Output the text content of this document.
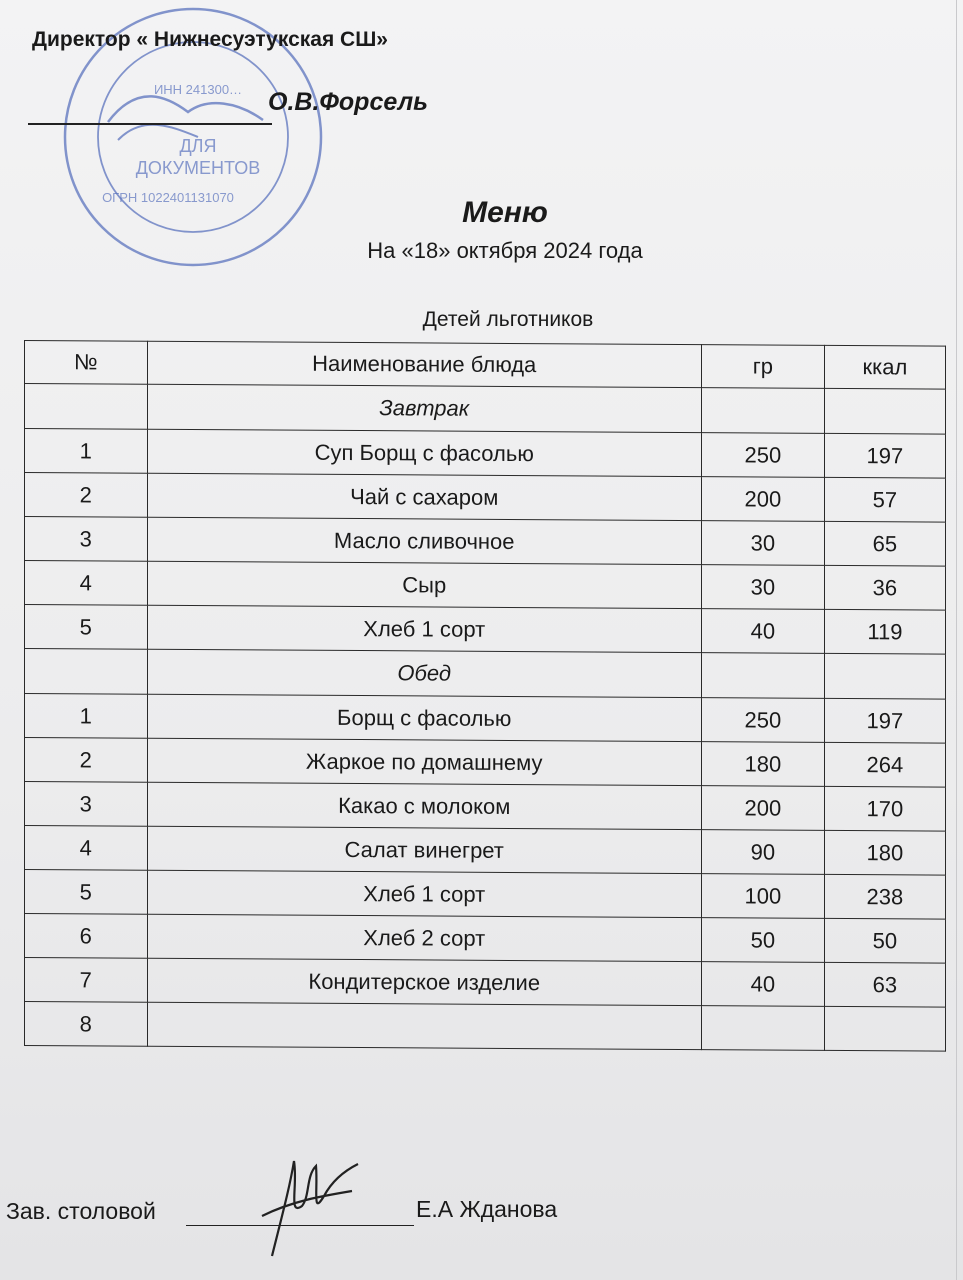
ИНН 241300…
ДЛЯ
ДОКУМЕНТОВ
ОГРН 1022401131070
Директор « Нижнесуэтукская СШ»
О.В.Форсель
Меню
На «18» октября 2024 года
Детей льготников
№	Наименование блюда	гр	ккал
	Завтрак		
1	Суп Борщ с фасолью	250	197
2	Чай с сахаром	200	57
3	Масло сливочное	30	65
4	Сыр	30	36
5	Хлеб 1 сорт	40	119
	Обед		
1	Борщ с фасолью	250	197
2	Жаркое по домашнему	180	264
3	Какао с молоком	200	170
4	Салат винегрет	90	180
5	Хлеб 1 сорт	100	238
6	Хлеб 2 сорт	50	50
7	Кондитерское изделие	40	63
8			
Зав. столовой	Е.А Жданова
